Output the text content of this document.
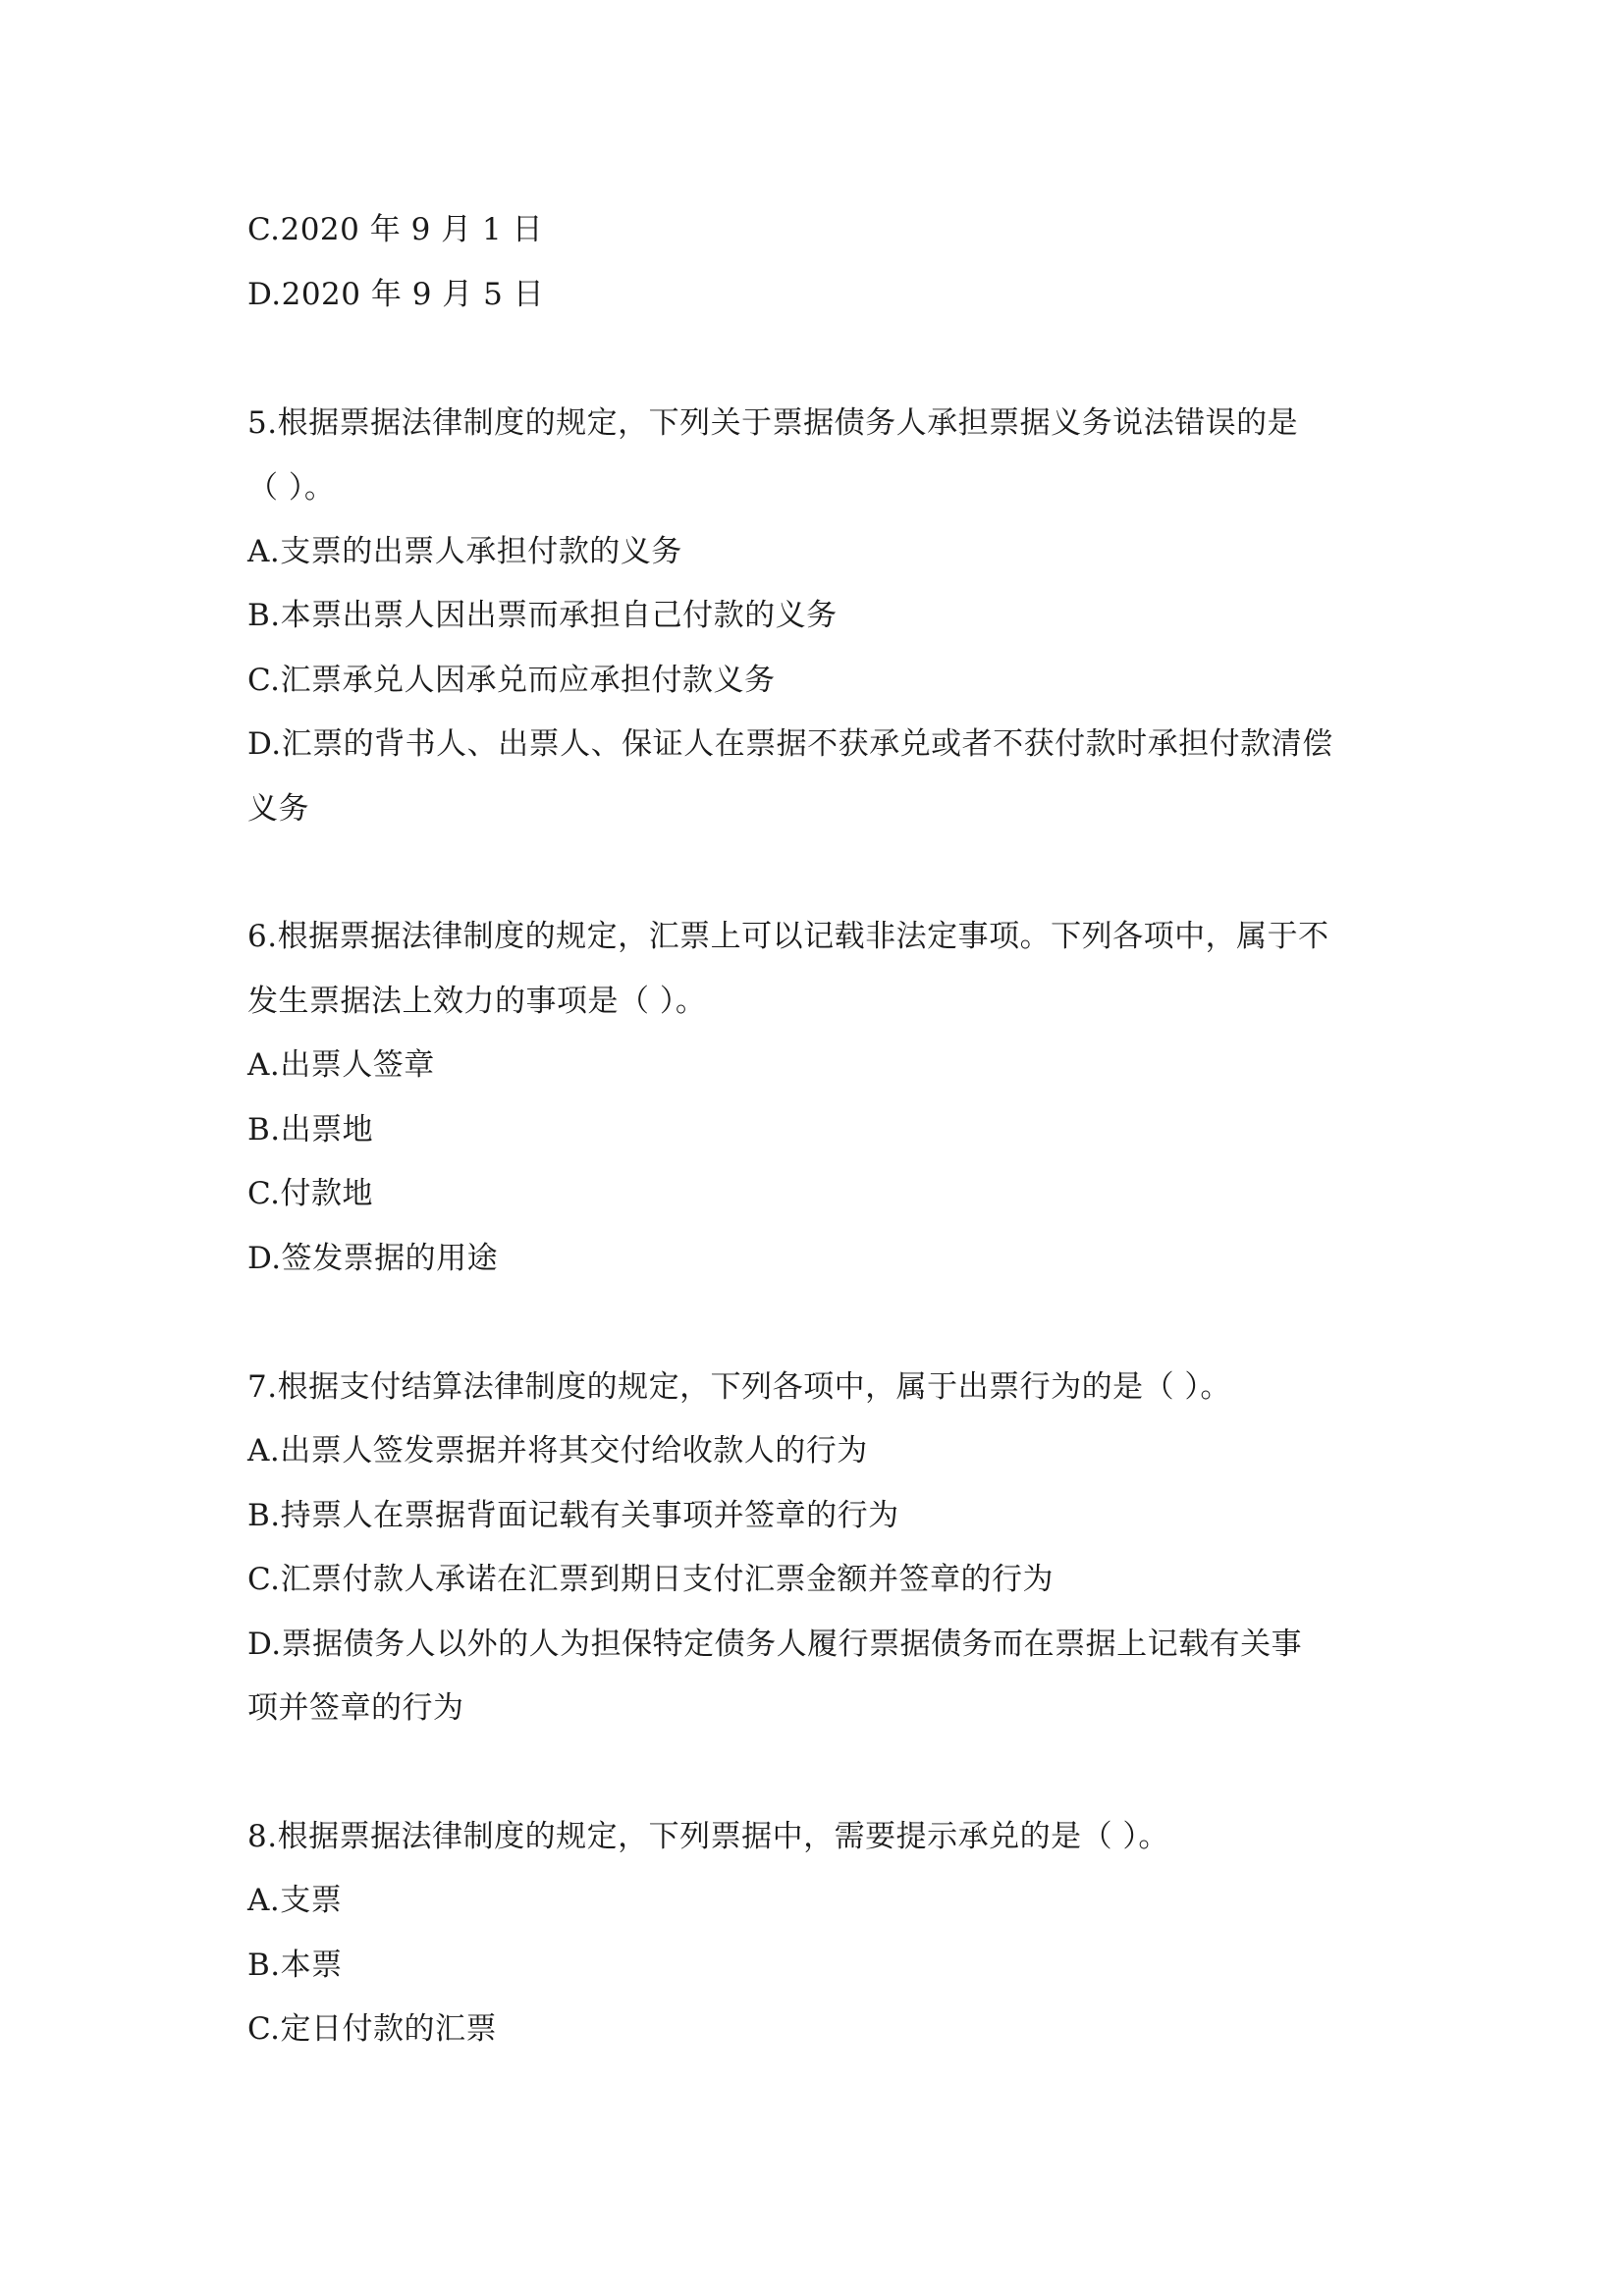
C.2020 年 9 月 1 日
D.2020 年 9 月 5 日
5.根据票据法律制度的规定，下列关于票据债务人承担票据义务说法错误的是
（ ）。
A.支票的出票人承担付款的义务
B.本票出票人因出票而承担自己付款的义务
C.汇票承兑人因承兑而应承担付款义务
D.汇票的背书人、出票人、保证人在票据不获承兑或者不获付款时承担付款清偿
义务
6.根据票据法律制度的规定，汇票上可以记载非法定事项。下列各项中，属于不
发生票据法上效力的事项是（ ）。
A.出票人签章
B.出票地
C.付款地
D.签发票据的用途
7.根据支付结算法律制度的规定，下列各项中，属于出票行为的是（ ）。
A.出票人签发票据并将其交付给收款人的行为
B.持票人在票据背面记载有关事项并签章的行为
C.汇票付款人承诺在汇票到期日支付汇票金额并签章的行为
D.票据债务人以外的人为担保特定债务人履行票据债务而在票据上记载有关事
项并签章的行为
8.根据票据法律制度的规定，下列票据中，需要提示承兑的是（ ）。
A.支票
B.本票
C.定日付款的汇票
